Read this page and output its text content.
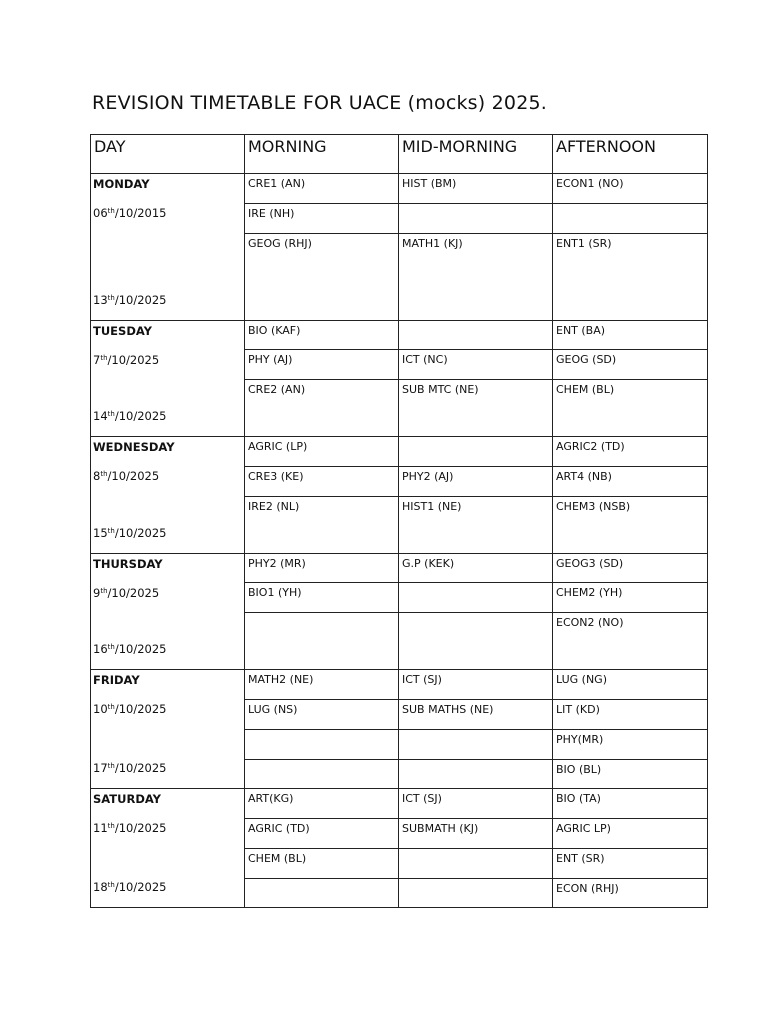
REVISION TIMETABLE FOR UACE (mocks) 2025.
DAY	MORNING	MID-MORNING	AFTERNOON

MONDAY
06th/10/2015
13th/10/2025	CRE1 (AN)	HIST (BM)	ECON1 (NO)
	IRE (NH)		
	GEOG (RHJ)	MATH1 (KJ)	ENT1 (SR)

TUESDAY
7th/10/2025
14th/10/2025	BIO (KAF)		ENT (BA)
	PHY (AJ)	ICT (NC)	GEOG (SD)
	CRE2 (AN)	SUB MTC (NE)	CHEM (BL)

WEDNESDAY
8th/10/2025
15th/10/2025	AGRIC (LP)		AGRIC2 (TD)
	CRE3 (KE)	PHY2 (AJ)	ART4 (NB)
	IRE2 (NL)	HIST1 (NE)	CHEM3 (NSB)

THURSDAY
9th/10/2025
16th/10/2025	PHY2 (MR)	G.P (KEK)	GEOG3 (SD)
	BIO1 (YH)		CHEM2 (YH)
			ECON2 (NO)

FRIDAY
10th/10/2025
17th/10/2025	MATH2 (NE)	ICT (SJ)	LUG (NG)
	LUG (NS)	SUB MATHS (NE)	LIT (KD)
			PHY(MR)
			BIO (BL)

SATURDAY
11th/10/2025
18th/10/2025	ART(KG)	ICT (SJ)	BIO (TA)
	AGRIC (TD)	SUBMATH (KJ)	AGRIC LP)
	CHEM (BL)		ENT (SR)
			ECON (RHJ)
